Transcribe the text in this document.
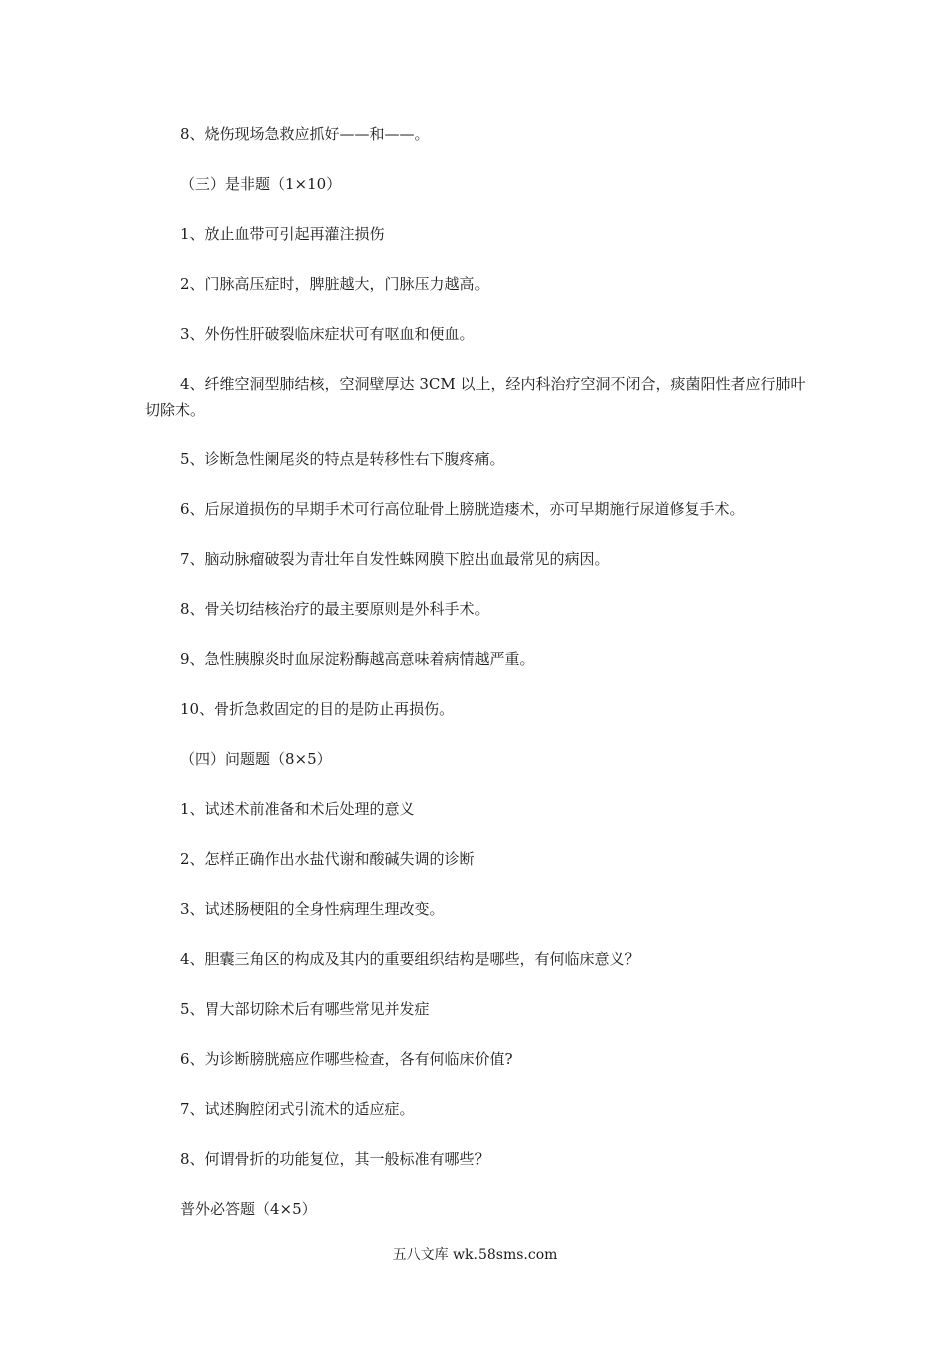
8、烧伤现场急救应抓好——和——。
（三）是非题（1×10）
1、放止血带可引起再灌注损伤
2、门脉高压症时，脾脏越大，门脉压力越高。
3、外伤性肝破裂临床症状可有呕血和便血。
4、纤维空洞型肺结核，空洞壁厚达 3CM 以上，经内科治疗空洞不闭合，痰菌阳性者应行肺叶切除术。
5、诊断急性阑尾炎的特点是转移性右下腹疼痛。
6、后尿道损伤的早期手术可行高位耻骨上膀胱造瘘术，亦可早期施行尿道修复手术。
7、脑动脉瘤破裂为青壮年自发性蛛网膜下腔出血最常见的病因。
8、骨关切结核治疗的最主要原则是外科手术。
9、急性胰腺炎时血尿淀粉酶越高意味着病情越严重。
10、骨折急救固定的目的是防止再损伤。
（四）问题题（8×5）
1、试述术前准备和术后处理的意义
2、怎样正确作出水盐代谢和酸碱失调的诊断
3、试述肠梗阻的全身性病理生理改变。
4、胆囊三角区的构成及其内的重要组织结构是哪些，有何临床意义？
5、胃大部切除术后有哪些常见并发症
6、为诊断膀胱癌应作哪些检查，各有何临床价值?
7、试述胸腔闭式引流术的适应症。
8、何谓骨折的功能复位，其一般标准有哪些？
普外必答题（4×5）
五八文库 wk.58sms.com
